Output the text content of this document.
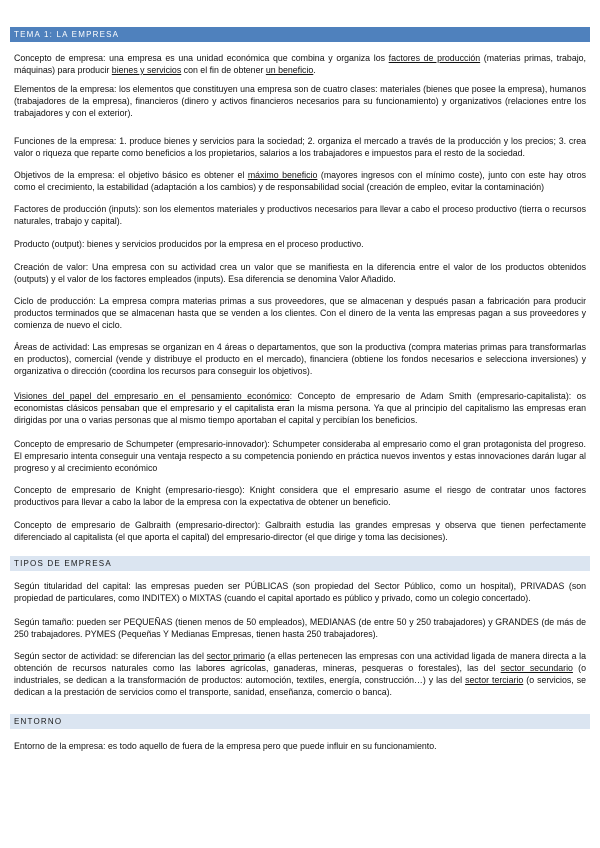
TEMA 1: LA EMPRESA

Concepto de empresa: una empresa es una unidad económica que combina y organiza los factores de producción (materias primas, trabajo, máquinas) para producir bienes y servicios con el fin de obtener un beneficio.

Elementos de la empresa: los elementos que constituyen una empresa son de cuatro clases: materiales (bienes que posee la empresa), humanos (trabajadores de la empresa), financieros (dinero y activos financieros necesarios para su funcionamiento) y organizativos (relaciones entre los trabajadores y con el exterior).

Funciones de la empresa: 1. produce bienes y servicios para la sociedad; 2. organiza el mercado a través de la producción y los precios; 3. crea valor o riqueza que reparte como beneficios a los propietarios, salarios a los trabajadores e impuestos para el resto de la sociedad.

Objetivos de la empresa: el objetivo básico es obtener el máximo beneficio (mayores ingresos con el mínimo coste), junto con este hay otros como el crecimiento, la estabilidad (adaptación a los cambios) y de responsabilidad social (creación de empleo, evitar la contaminación)

Factores de producción (inputs): son los elementos materiales y productivos necesarios para llevar a cabo el proceso productivo (tierra o recursos naturales, trabajo y capital).

Producto (output): bienes y servicios producidos por la empresa en el proceso productivo.

Creación de valor: Una empresa con su actividad crea un valor que se manifiesta en la diferencia entre el valor de los productos obtenidos (outputs) y el valor de los factores empleados (inputs). Esa diferencia se denomina Valor Añadido.

Ciclo de producción: La empresa compra materias primas a sus proveedores, que se almacenan y después pasan a fabricación para producir productos terminados que se almacenan hasta que se venden a los clientes. Con el dinero de la venta las empresas pagan a sus proveedores y comienza de nuevo el ciclo.

Áreas de actividad: Las empresas se organizan en 4 áreas o departamentos, que son la productiva (compra materias primas para transformarlas en productos), comercial (vende y distribuye el producto en el mercado), financiera (obtiene los fondos necesarios e selecciona inversiones) y organizativa o dirección (coordina los recursos para conseguir los objetivos).

Visiones del papel del empresario en el pensamiento económico: Concepto de empresario de Adam Smith (empresario-capitalista): os economistas clásicos pensaban que el empresario y el capitalista eran la misma persona. Ya que al principio del capitalismo las empresas eran dirigidas por una o varias personas que al mismo tiempo aportaban el capital y percibían los beneficios.

Concepto de empresario de Schumpeter (empresario-innovador): Schumpeter consideraba al empresario como el gran protagonista del progreso. El empresario intenta conseguir una ventaja respecto a su competencia poniendo en práctica nuevos inventos y estas innovaciones darán lugar al progreso y al crecimiento económico

Concepto de empresario de Knight (empresario-riesgo): Knight considera que el empresario asume el riesgo de contratar unos factores productivos para llevar a cabo la labor de la empresa con la expectativa de obtener un beneficio.

Concepto de empresario de Galbraith (empresario-director): Galbraith estudia las grandes empresas y observa que tienen perfectamente diferenciado al capitalista (el que aporta el capital) del empresario-director (el que dirige y toma las decisiones).

TIPOS DE EMPRESA

Según titularidad del capital: las empresas pueden ser PÚBLICAS (son propiedad del Sector Público, como un hospital), PRIVADAS (son propiedad de particulares, como INDITEX) o MIXTAS (cuando el capital aportado es público y privado, como un colegio concertado).

Según tamaño: pueden ser PEQUEÑAS (tienen menos de 50 empleados), MEDIANAS (de entre 50 y 250 trabajadores) y GRANDES (de más de 250 trabajadores. PYMES (Pequeñas Y Medianas Empresas, tienen hasta 250 trabajadores).

Según sector de actividad: se diferencian las del sector primario (a ellas pertenecen las empresas con una actividad ligada de manera directa a la obtención de recursos naturales como las labores agrícolas, ganaderas, mineras, pesqueras o forestales), las del sector secundario (o industriales, se dedican a la transformación de productos: automoción, textiles, energía, construcción…) y las del sector terciario (o servicios, se dedican a la prestación de servicios como el transporte, sanidad, enseñanza, comercio o banca).

ENTORNO

Entorno de la empresa: es todo aquello de fuera de la empresa pero que puede influir en su funcionamiento.
